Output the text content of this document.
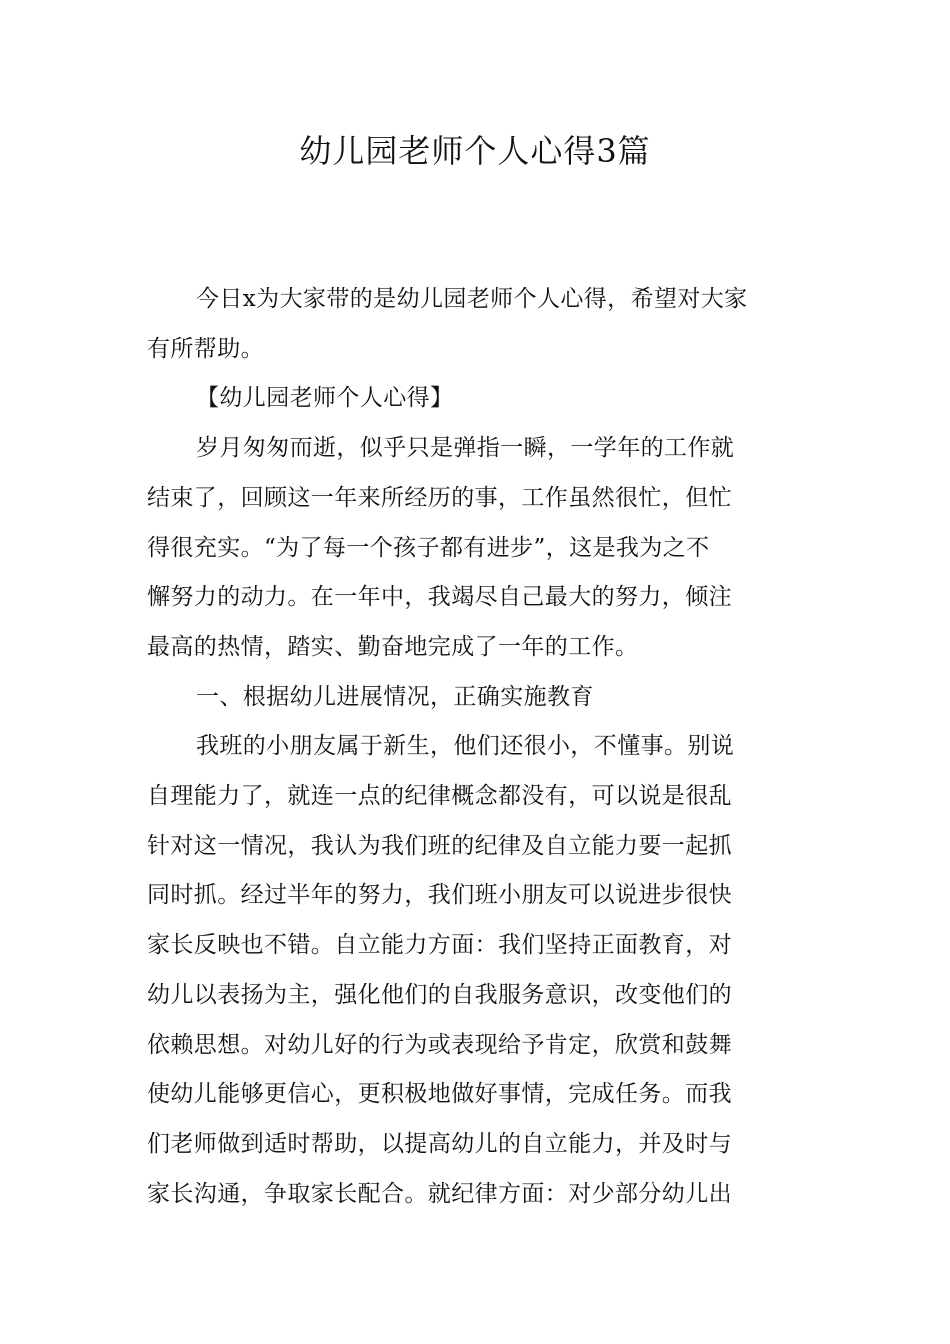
幼儿园老师个人心得3篇

今日x为大家带的是幼儿园老师个人心得，希望对大家

有所帮助。

【幼儿园老师个人心得】

岁月匆匆而逝，似乎只是弹指一瞬，一学年的工作就

结束了，回顾这一年来所经历的事，工作虽然很忙，但忙

得很充实。“为了每一个孩子都有进步”，这是我为之不

懈努力的动力。在一年中，我竭尽自己最大的努力，倾注

最高的热情，踏实、勤奋地完成了一年的工作。

一、根据幼儿进展情况，正确实施教育

我班的小朋友属于新生，他们还很小，不懂事。别说

自理能力了，就连一点的纪律概念都没有，可以说是很乱

针对这一情况，我认为我们班的纪律及自立能力要一起抓

同时抓。经过半年的努力，我们班小朋友可以说进步很快

家长反映也不错。自立能力方面：我们坚持正面教育，对

幼儿以表扬为主，强化他们的自我服务意识，改变他们的

依赖思想。对幼儿好的行为或表现给予肯定，欣赏和鼓舞

使幼儿能够更信心，更积极地做好事情，完成任务。而我

们老师做到适时帮助，以提高幼儿的自立能力，并及时与

家长沟通，争取家长配合。就纪律方面：对少部分幼儿出
